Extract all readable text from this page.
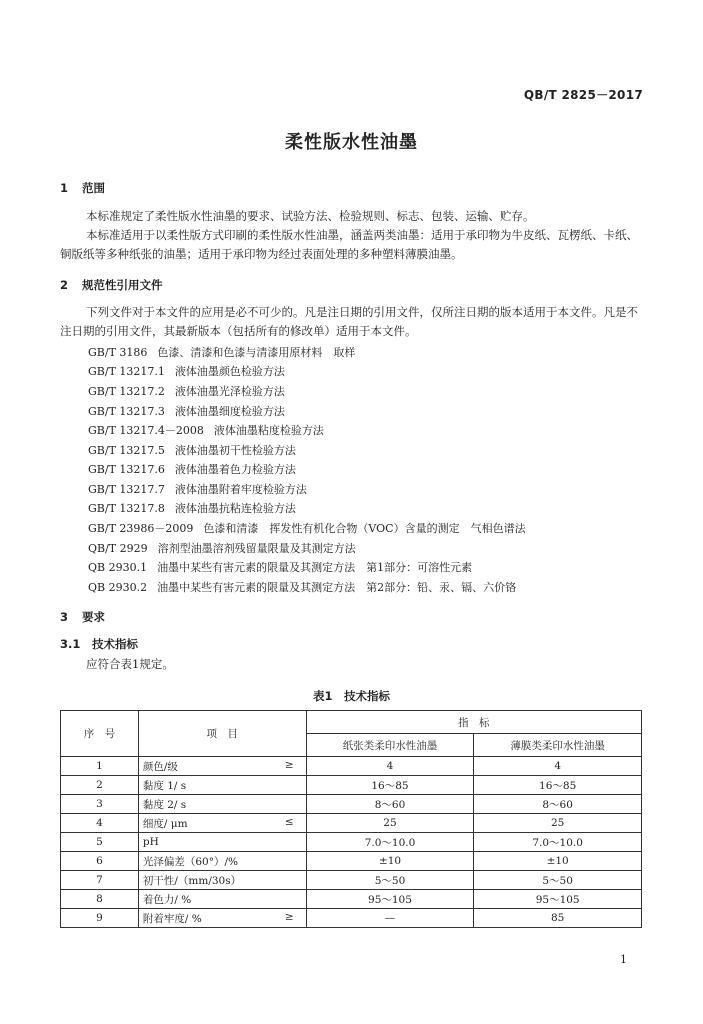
QB/T 2825－2017
柔性版水性油墨
1 范围
本标准规定了柔性版水性油墨的要求、试验方法、检验规则、标志、包装、运输、贮存。
本标准适用于以柔性版方式印刷的柔性版水性油墨，涵盖两类油墨：适用于承印物为牛皮纸、瓦楞纸、卡纸、铜版纸等多种纸张的油墨；适用于承印物为经过表面处理的多种塑料薄膜油墨。
2 规范性引用文件
下列文件对于本文件的应用是必不可少的。凡是注日期的引用文件，仅所注日期的版本适用于本文件。凡是不注日期的引用文件，其最新版本（包括所有的修改单）适用于本文件。
GB/T 3186 色漆、清漆和色漆与清漆用原材料　取样
GB/T 13217.1 液体油墨颜色检验方法
GB/T 13217.2 液体油墨光泽检验方法
GB/T 13217.3 液体油墨细度检验方法
GB/T 13217.4－2008 液体油墨粘度检验方法
GB/T 13217.5 液体油墨初干性检验方法
GB/T 13217.6 液体油墨着色力检验方法
GB/T 13217.7 液体油墨附着牢度检验方法
GB/T 13217.8 液体油墨抗粘连检验方法
GB/T 23986－2009 色漆和清漆　挥发性有机化合物（VOC）含量的测定　气相色谱法
QB/T 2929 溶剂型油墨溶剂残留量限量及其测定方法
QB 2930.1 油墨中某些有害元素的限量及其测定方法　第1部分：可溶性元素
QB 2930.2 油墨中某些有害元素的限量及其测定方法　第2部分：铅、汞、镉、六价铬
3 要求
3.1 技术指标
应符合表1规定。
表1　技术指标
序　号	项　目	指　标	
		纸张类柔印水性油墨	薄膜类柔印水性油墨
1	颜色/级 ≥	4	4
2	黏度 1/ s	16～85	16～85
3	黏度 2/ s	8～60	8～60
4	细度/ μm ≤	25	25
5	pH	7.0～10.0	7.0～10.0
6	光泽偏差（60°）/%	±10	±10
7	初干性/（mm/30s）	5～50	5～50
8	着色力/ %	95～105	95～105
9	附着牢度/ % ≥	—	85
1
